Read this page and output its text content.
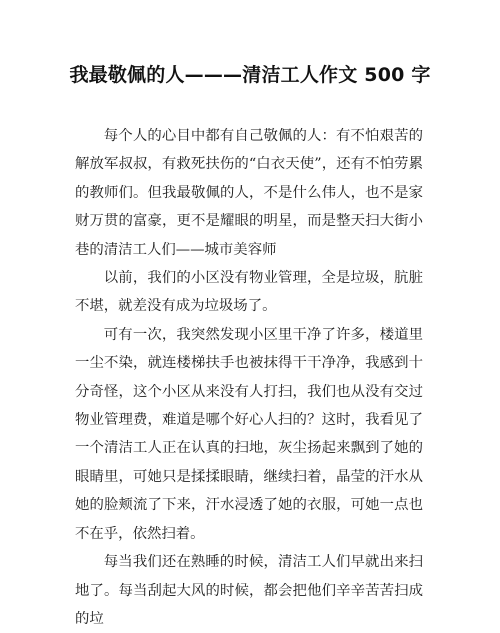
我最敬佩的人———清洁工人作文 500 字

每个人的心目中都有自己敬佩的人：有不怕艰苦的解放军叔叔，有救死扶伤的“白衣天使”，还有不怕劳累的教师们。但我最敬佩的人，不是什么伟人，也不是家财万贯的富豪，更不是耀眼的明星，而是整天扫大街小巷的清洁工人们——城市美容师

以前，我们的小区没有物业管理，全是垃圾，肮脏不堪，就差没有成为垃圾场了。

可有一次，我突然发现小区里干净了许多，楼道里一尘不染，就连楼梯扶手也被抹得干干净净，我感到十分奇怪，这个小区从来没有人打扫，我们也从没有交过物业管理费，难道是哪个好心人扫的？这时，我看见了一个清洁工人正在认真的扫地，灰尘扬起来飘到了她的眼睛里，可她只是揉揉眼睛，继续扫着，晶莹的汗水从她的脸颊流了下来，汗水浸透了她的衣服，可她一点也不在乎，依然扫着。

每当我们还在熟睡的时候，清洁工人们早就出来扫地了。每当刮起大风的时候，都会把他们辛辛苦苦扫成的垃
